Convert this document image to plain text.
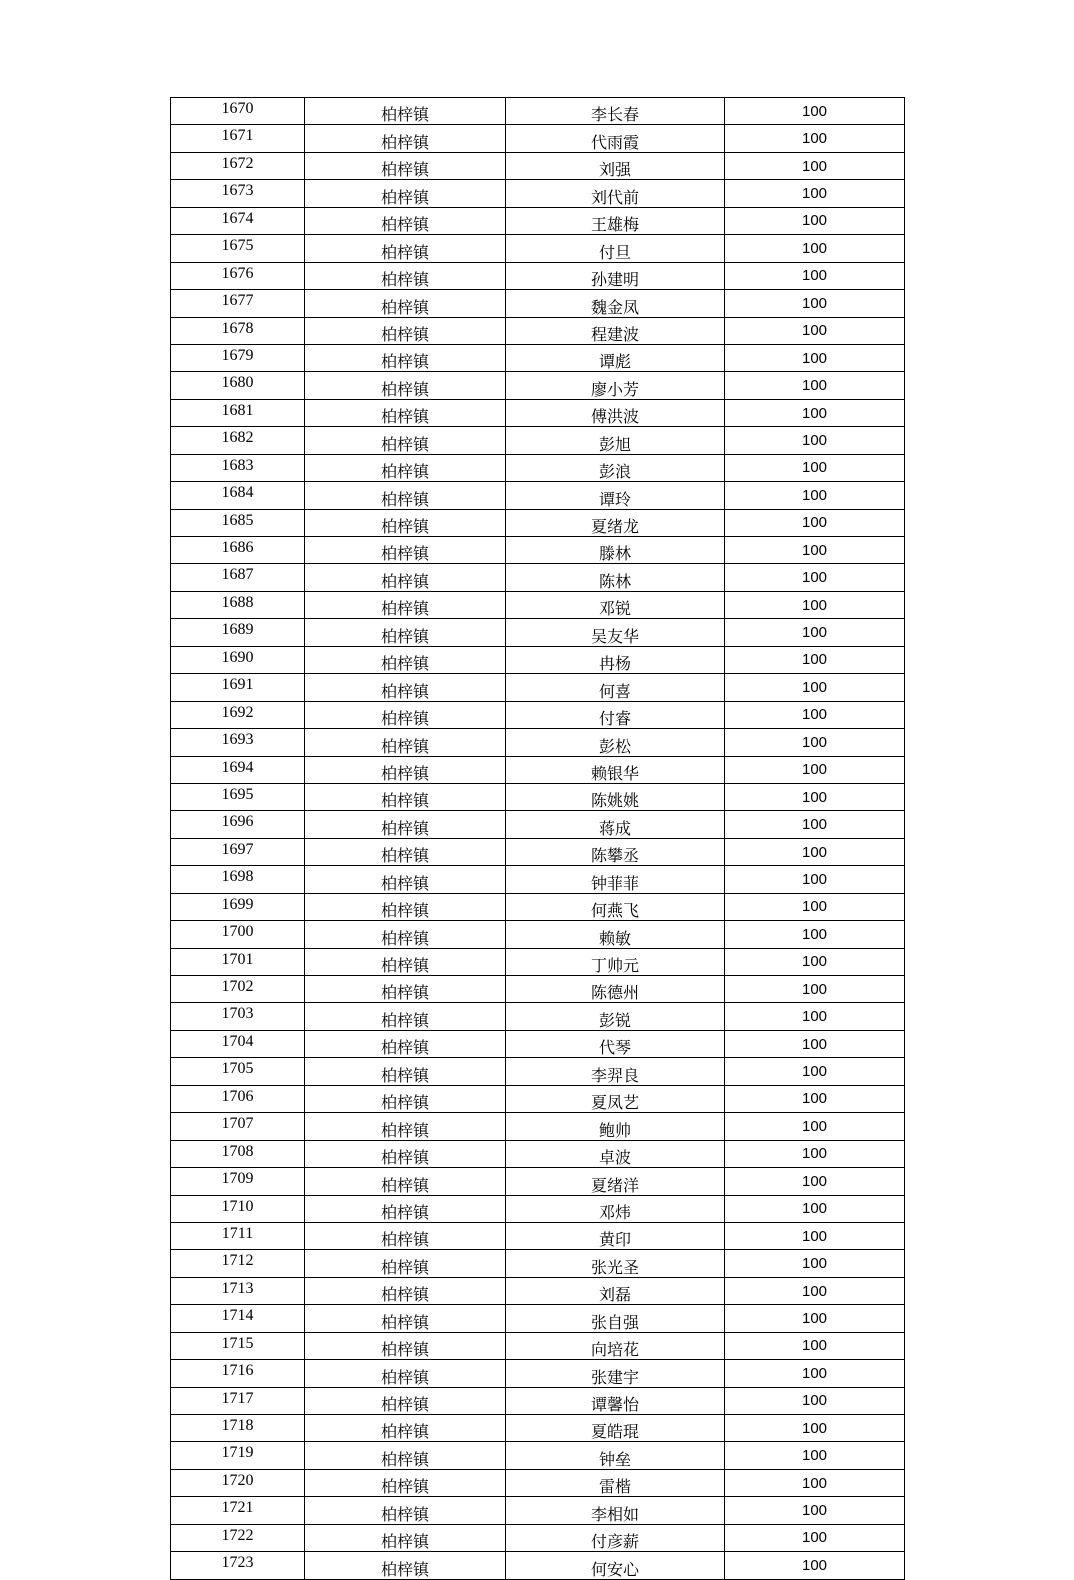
1670	柏梓镇	李长春	100
1671	柏梓镇	代雨霞	100
1672	柏梓镇	刘强	100
1673	柏梓镇	刘代前	100
1674	柏梓镇	王雄梅	100
1675	柏梓镇	付旦	100
1676	柏梓镇	孙建明	100
1677	柏梓镇	魏金凤	100
1678	柏梓镇	程建波	100
1679	柏梓镇	谭彪	100
1680	柏梓镇	廖小芳	100
1681	柏梓镇	傅洪波	100
1682	柏梓镇	彭旭	100
1683	柏梓镇	彭浪	100
1684	柏梓镇	谭玲	100
1685	柏梓镇	夏绪龙	100
1686	柏梓镇	滕林	100
1687	柏梓镇	陈林	100
1688	柏梓镇	邓锐	100
1689	柏梓镇	吴友华	100
1690	柏梓镇	冉杨	100
1691	柏梓镇	何喜	100
1692	柏梓镇	付睿	100
1693	柏梓镇	彭松	100
1694	柏梓镇	赖银华	100
1695	柏梓镇	陈姚姚	100
1696	柏梓镇	蒋成	100
1697	柏梓镇	陈攀丞	100
1698	柏梓镇	钟菲菲	100
1699	柏梓镇	何燕飞	100
1700	柏梓镇	赖敏	100
1701	柏梓镇	丁帅元	100
1702	柏梓镇	陈德州	100
1703	柏梓镇	彭锐	100
1704	柏梓镇	代琴	100
1705	柏梓镇	李羿良	100
1706	柏梓镇	夏凤艺	100
1707	柏梓镇	鲍帅	100
1708	柏梓镇	卓波	100
1709	柏梓镇	夏绪洋	100
1710	柏梓镇	邓炜	100
1711	柏梓镇	黄印	100
1712	柏梓镇	张光圣	100
1713	柏梓镇	刘磊	100
1714	柏梓镇	张自强	100
1715	柏梓镇	向培花	100
1716	柏梓镇	张建宇	100
1717	柏梓镇	谭馨怡	100
1718	柏梓镇	夏皓琨	100
1719	柏梓镇	钟垒	100
1720	柏梓镇	雷楷	100
1721	柏梓镇	李相如	100
1722	柏梓镇	付彦薪	100
1723	柏梓镇	何安心	100
